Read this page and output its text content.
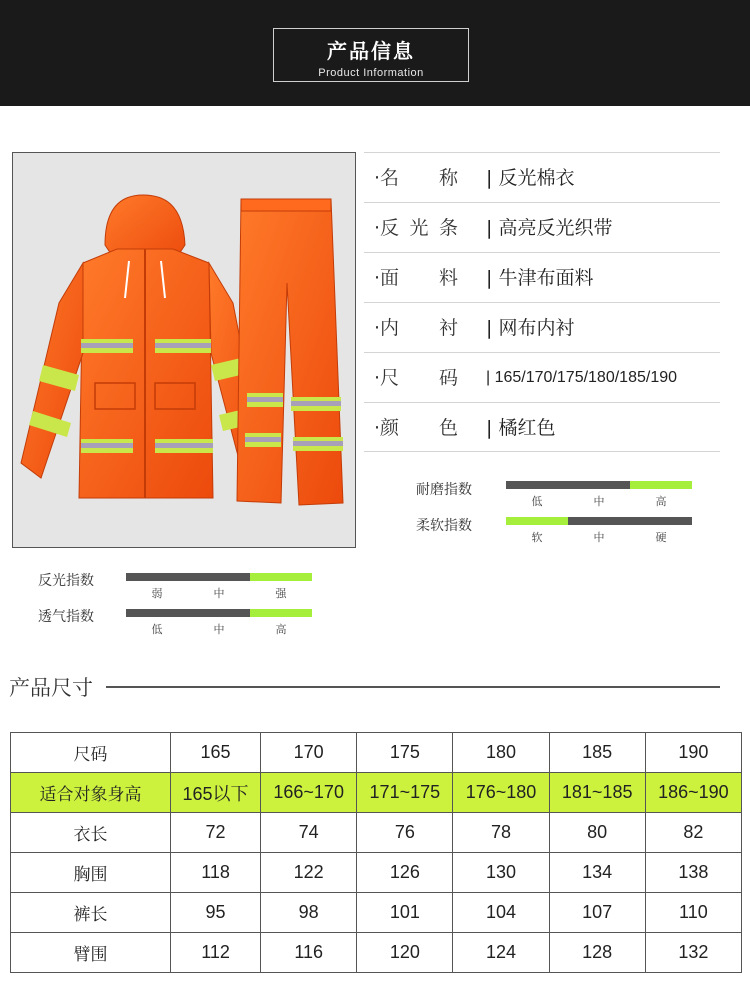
产品信息
Product Information
·名称 | 反光棉衣
·反光条 | 高亮反光织带
·面料 | 牛津布面料
·内衬 | 网布内衬
·尺码 | 165/170/175/180/185/190
·颜色 | 橘红色
耐磨指数
低	中	高
柔软指数
软	中	硬
反光指数
弱	中	强
透气指数
低	中	高
产品尺寸
尺码	165	170	175	180	185	190
适合对象身高	165以下	166~170	171~175	176~180	181~185	186~190
衣长	72	74	76	78	80	82
胸围	118	122	126	130	134	138
裤长	95	98	101	104	107	110
臂围	112	116	120	124	128	132
